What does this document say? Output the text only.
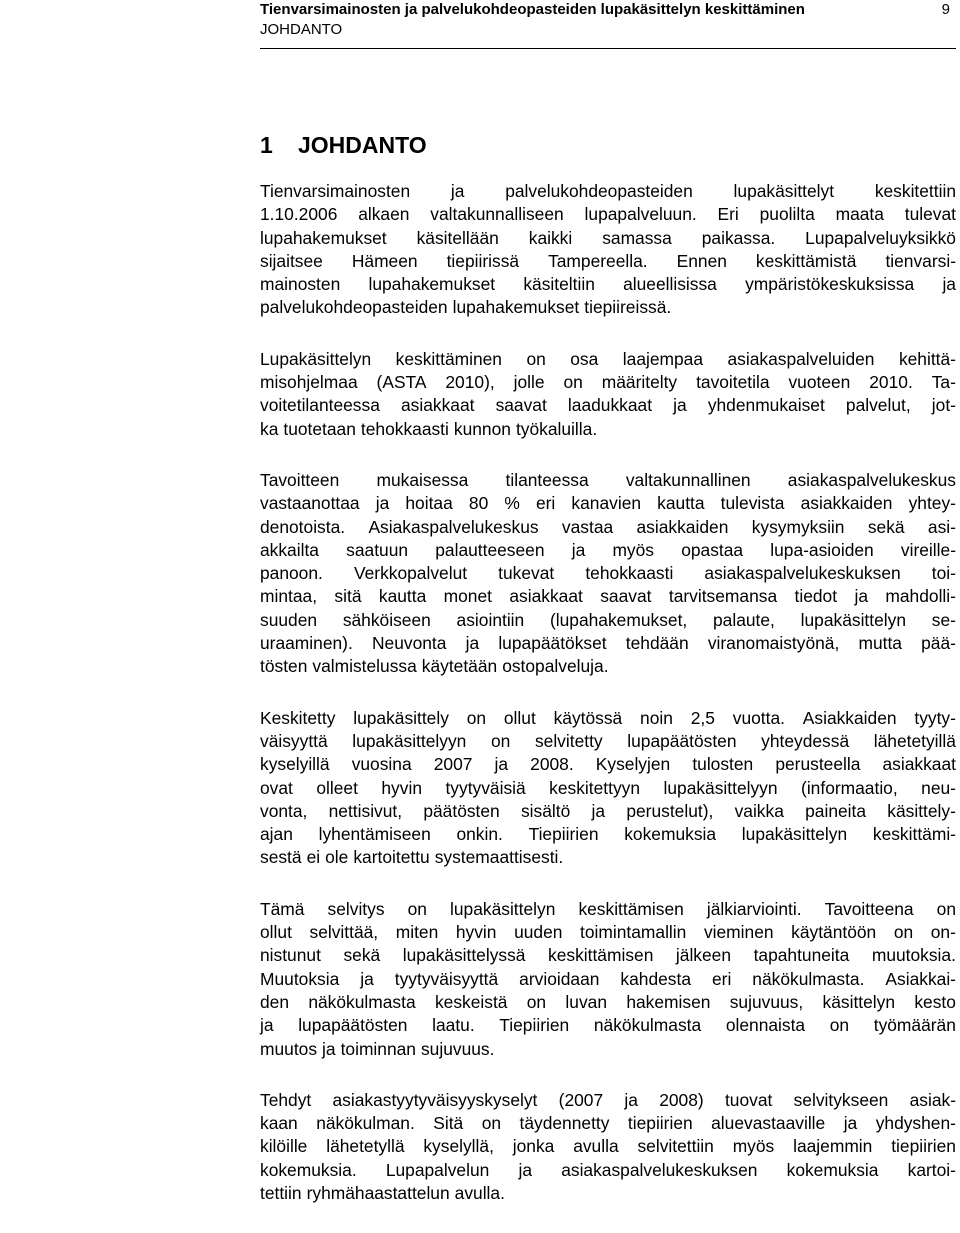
Tienvarsimainosten ja palvelukohdeopasteiden lupakäsittelyn keskittäminen
JOHDANTO
9
1 JOHDANTO
Tienvarsimainosten ja palvelukohdeopasteiden lupakäsittelyt keskitettiin
1.10.2006 alkaen valtakunnalliseen lupapalveluun. Eri puolilta maata tulevat
lupahakemukset käsitellään kaikki samassa paikassa. Lupapalveluyksikkö
sijaitsee Hämeen tiepiirissä Tampereella. Ennen keskittämistä tienvarsi-
mainosten lupahakemukset käsiteltiin alueellisissa ympäristökeskuksissa ja
palvelukohdeopasteiden lupahakemukset tiepiireissä.
Lupakäsittelyn keskittäminen on osa laajempaa asiakaspalveluiden kehittä-
misohjelmaa (ASTA 2010), jolle on määritelty tavoitetila vuoteen 2010. Ta-
voitetilanteessa asiakkaat saavat laadukkaat ja yhdenmukaiset palvelut, jot-
ka tuotetaan tehokkaasti kunnon työkaluilla.
Tavoitteen mukaisessa tilanteessa valtakunnallinen asiakaspalvelukeskus
vastaanottaa ja hoitaa 80 % eri kanavien kautta tulevista asiakkaiden yhtey-
denotoista. Asiakaspalvelukeskus vastaa asiakkaiden kysymyksiin sekä asi-
akkailta saatuun palautteeseen ja myös opastaa lupa-asioiden vireille-
panoon. Verkkopalvelut tukevat tehokkaasti asiakaspalvelukeskuksen toi-
mintaa, sitä kautta monet asiakkaat saavat tarvitsemansa tiedot ja mahdolli-
suuden sähköiseen asiointiin (lupahakemukset, palaute, lupakäsittelyn se-
uraaminen). Neuvonta ja lupapäätökset tehdään viranomaistyönä, mutta pää-
tösten valmistelussa käytetään ostopalveluja.
Keskitetty lupakäsittely on ollut käytössä noin 2,5 vuotta. Asiakkaiden tyyty-
väisyyttä lupakäsittelyyn on selvitetty lupapäätösten yhteydessä lähetetyillä
kyselyillä vuosina 2007 ja 2008. Kyselyjen tulosten perusteella asiakkaat
ovat olleet hyvin tyytyväisiä keskitettyyn lupakäsittelyyn (informaatio, neu-
vonta, nettisivut, päätösten sisältö ja perustelut), vaikka paineita käsittely-
ajan lyhentämiseen onkin. Tiepiirien kokemuksia lupakäsittelyn keskittämi-
sestä ei ole kartoitettu systemaattisesti.
Tämä selvitys on lupakäsittelyn keskittämisen jälkiarviointi. Tavoitteena on
ollut selvittää, miten hyvin uuden toimintamallin vieminen käytäntöön on on-
nistunut sekä lupakäsittelyssä keskittämisen jälkeen tapahtuneita muutoksia.
Muutoksia ja tyytyväisyyttä arvioidaan kahdesta eri näkökulmasta. Asiakkai-
den näkökulmasta keskeistä on luvan hakemisen sujuvuus, käsittelyn kesto
ja lupapäätösten laatu. Tiepiirien näkökulmasta olennaista on työmäärän
muutos ja toiminnan sujuvuus.
Tehdyt asiakastyytyväisyyskyselyt (2007 ja 2008) tuovat selvitykseen asiak-
kaan näkökulman. Sitä on täydennetty tiepiirien aluevastaaville ja yhdyshen-
kilöille lähetetyllä kyselyllä, jonka avulla selvitettiin myös laajemmin tiepiirien
kokemuksia. Lupapalvelun ja asiakaspalvelukeskuksen kokemuksia kartoi-
tettiin ryhmähaastattelun avulla.
